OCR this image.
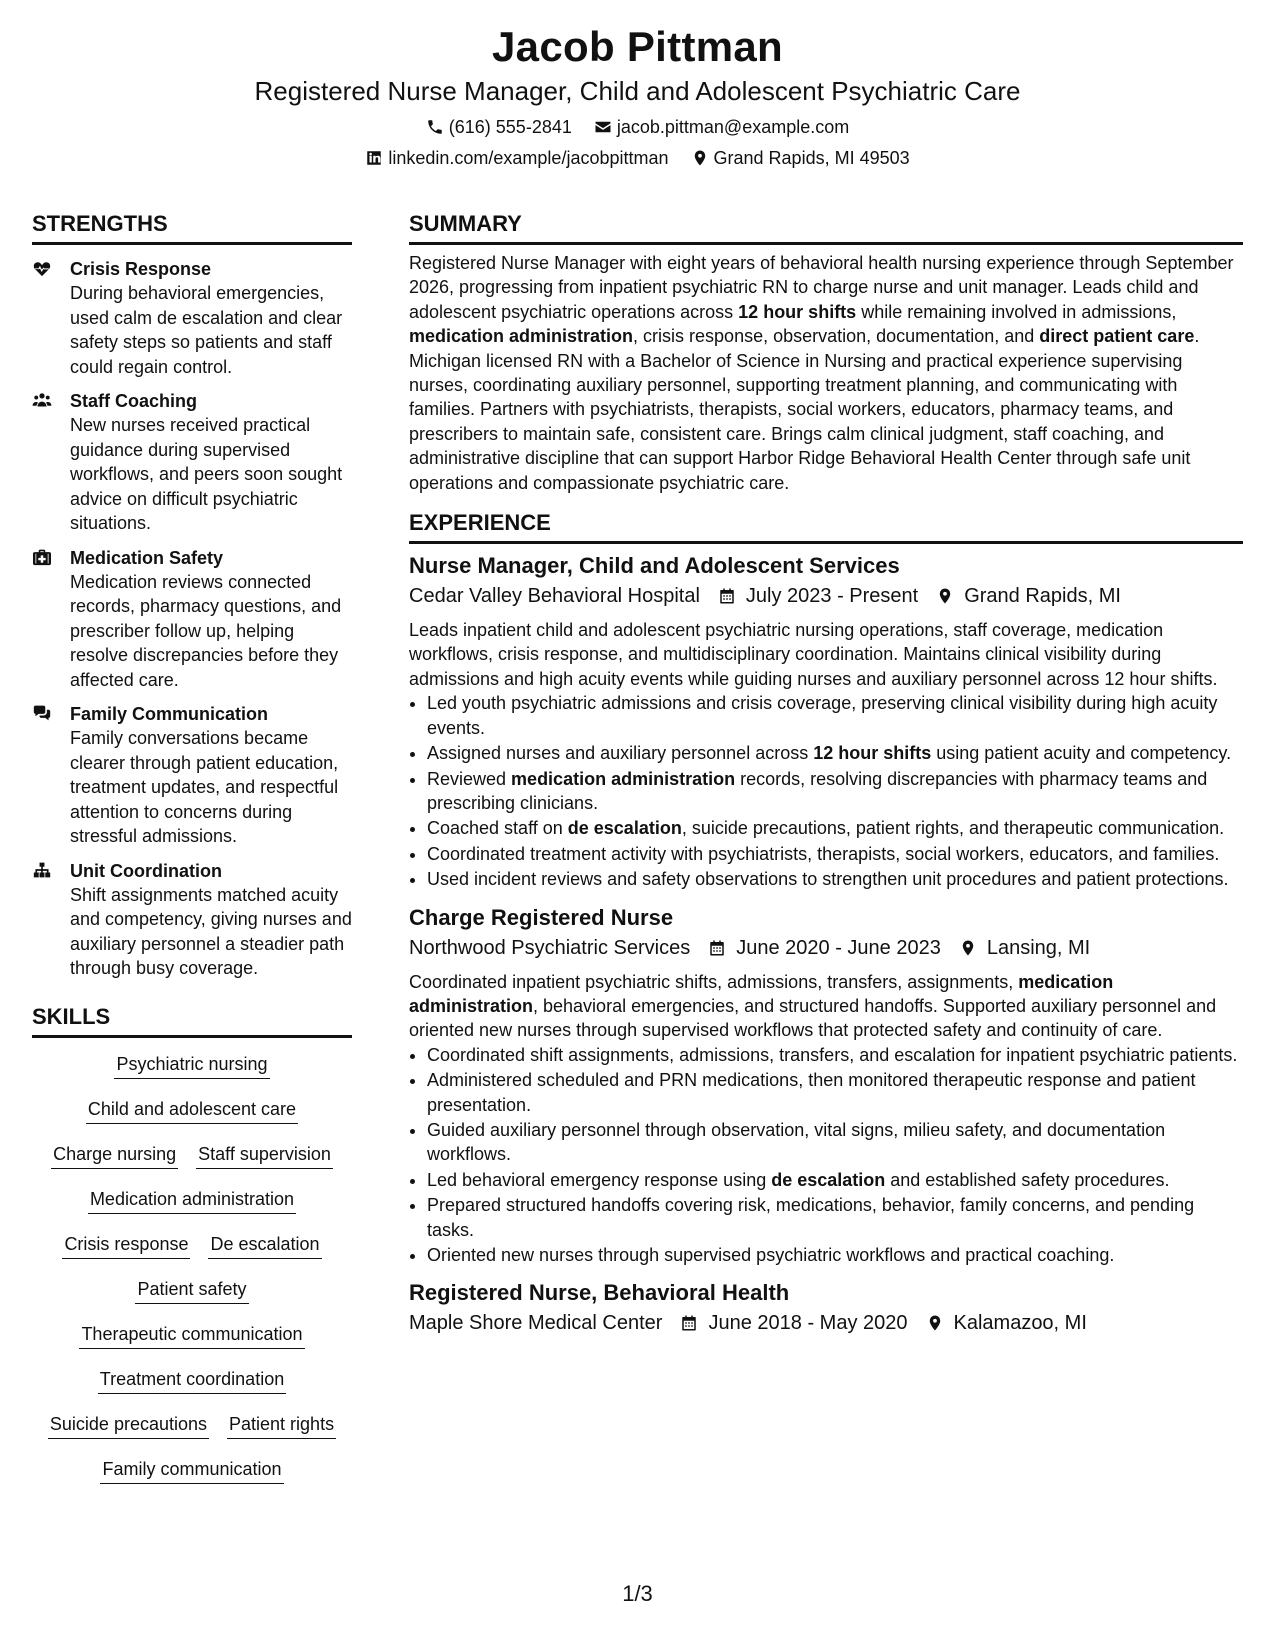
Jacob Pittman
Registered Nurse Manager, Child and Adolescent Psychiatric Care
(616) 555-2841	jacob.pittman@example.com
linkedin.com/example/jacobpittman	Grand Rapids, MI 49503
STRENGTHS
Crisis Response
During behavioral emergencies, used calm de escalation and clear safety steps so patients and staff could regain control.
Staff Coaching
New nurses received practical guidance during supervised workflows, and peers soon sought advice on difficult psychiatric situations.
Medication Safety
Medication reviews connected records, pharmacy questions, and prescriber follow up, helping resolve discrepancies before they affected care.
Family Communication
Family conversations became clearer through patient education, treatment updates, and respectful attention to concerns during stressful admissions.
Unit Coordination
Shift assignments matched acuity and competency, giving nurses and auxiliary personnel a steadier path through busy coverage.
SKILLS
Psychiatric nursing
Child and adolescent care
Charge nursing Staff supervision
Medication administration
Crisis response De escalation
Patient safety
Therapeutic communication
Treatment coordination
Suicide precautions Patient rights
Family communication
SUMMARY

Registered Nurse Manager with eight years of behavioral health nursing experience through September 2026, progressing from inpatient psychiatric RN to charge nurse and unit manager. Leads child and adolescent psychiatric operations across 12 hour shifts while remaining involved in admissions, medication administration, crisis response, observation, documentation, and direct patient care. Michigan licensed RN with a Bachelor of Science in Nursing and practical experience supervising nurses, coordinating auxiliary personnel, supporting treatment planning, and communicating with families. Partners with psychiatrists, therapists, social workers, educators, pharmacy teams, and prescribers to maintain safe, consistent care. Brings calm clinical judgment, staff coaching, and administrative discipline that can support Harbor Ridge Behavioral Health Center through safe unit operations and compassionate psychiatric care.

EXPERIENCE
Nurse Manager, Child and Adolescent Services
Cedar Valley Behavioral Hospital July 2023 - Present Grand Rapids, MI

Leads inpatient child and adolescent psychiatric nursing operations, staff coverage, medication workflows, crisis response, and multidisciplinary coordination. Maintains clinical visibility during admissions and high acuity events while guiding nurses and auxiliary personnel across 12 hour shifts.

• Led youth psychiatric admissions and crisis coverage, preserving clinical visibility during high acuity events.
• Assigned nurses and auxiliary personnel across 12 hour shifts using patient acuity and competency.
• Reviewed medication administration records, resolving discrepancies with pharmacy teams and prescribing clinicians.
• Coached staff on de escalation, suicide precautions, patient rights, and therapeutic communication.
• Coordinated treatment activity with psychiatrists, therapists, social workers, educators, and families.
• Used incident reviews and safety observations to strengthen unit procedures and patient protections.
Charge Registered Nurse
Northwood Psychiatric Services June 2020 - June 2023 Lansing, MI

Coordinated inpatient psychiatric shifts, admissions, transfers, assignments, medication administration, behavioral emergencies, and structured handoffs. Supported auxiliary personnel and oriented new nurses through supervised workflows that protected safety and continuity of care.

• Coordinated shift assignments, admissions, transfers, and escalation for inpatient psychiatric patients.
• Administered scheduled and PRN medications, then monitored therapeutic response and patient presentation.
• Guided auxiliary personnel through observation, vital signs, milieu safety, and documentation workflows.
• Led behavioral emergency response using de escalation and established safety procedures.
• Prepared structured handoffs covering risk, medications, behavior, family concerns, and pending tasks.
• Oriented new nurses through supervised psychiatric workflows and practical coaching.
Registered Nurse, Behavioral Health
Maple Shore Medical Center June 2018 - May 2020 Kalamazoo, MI
1/3
